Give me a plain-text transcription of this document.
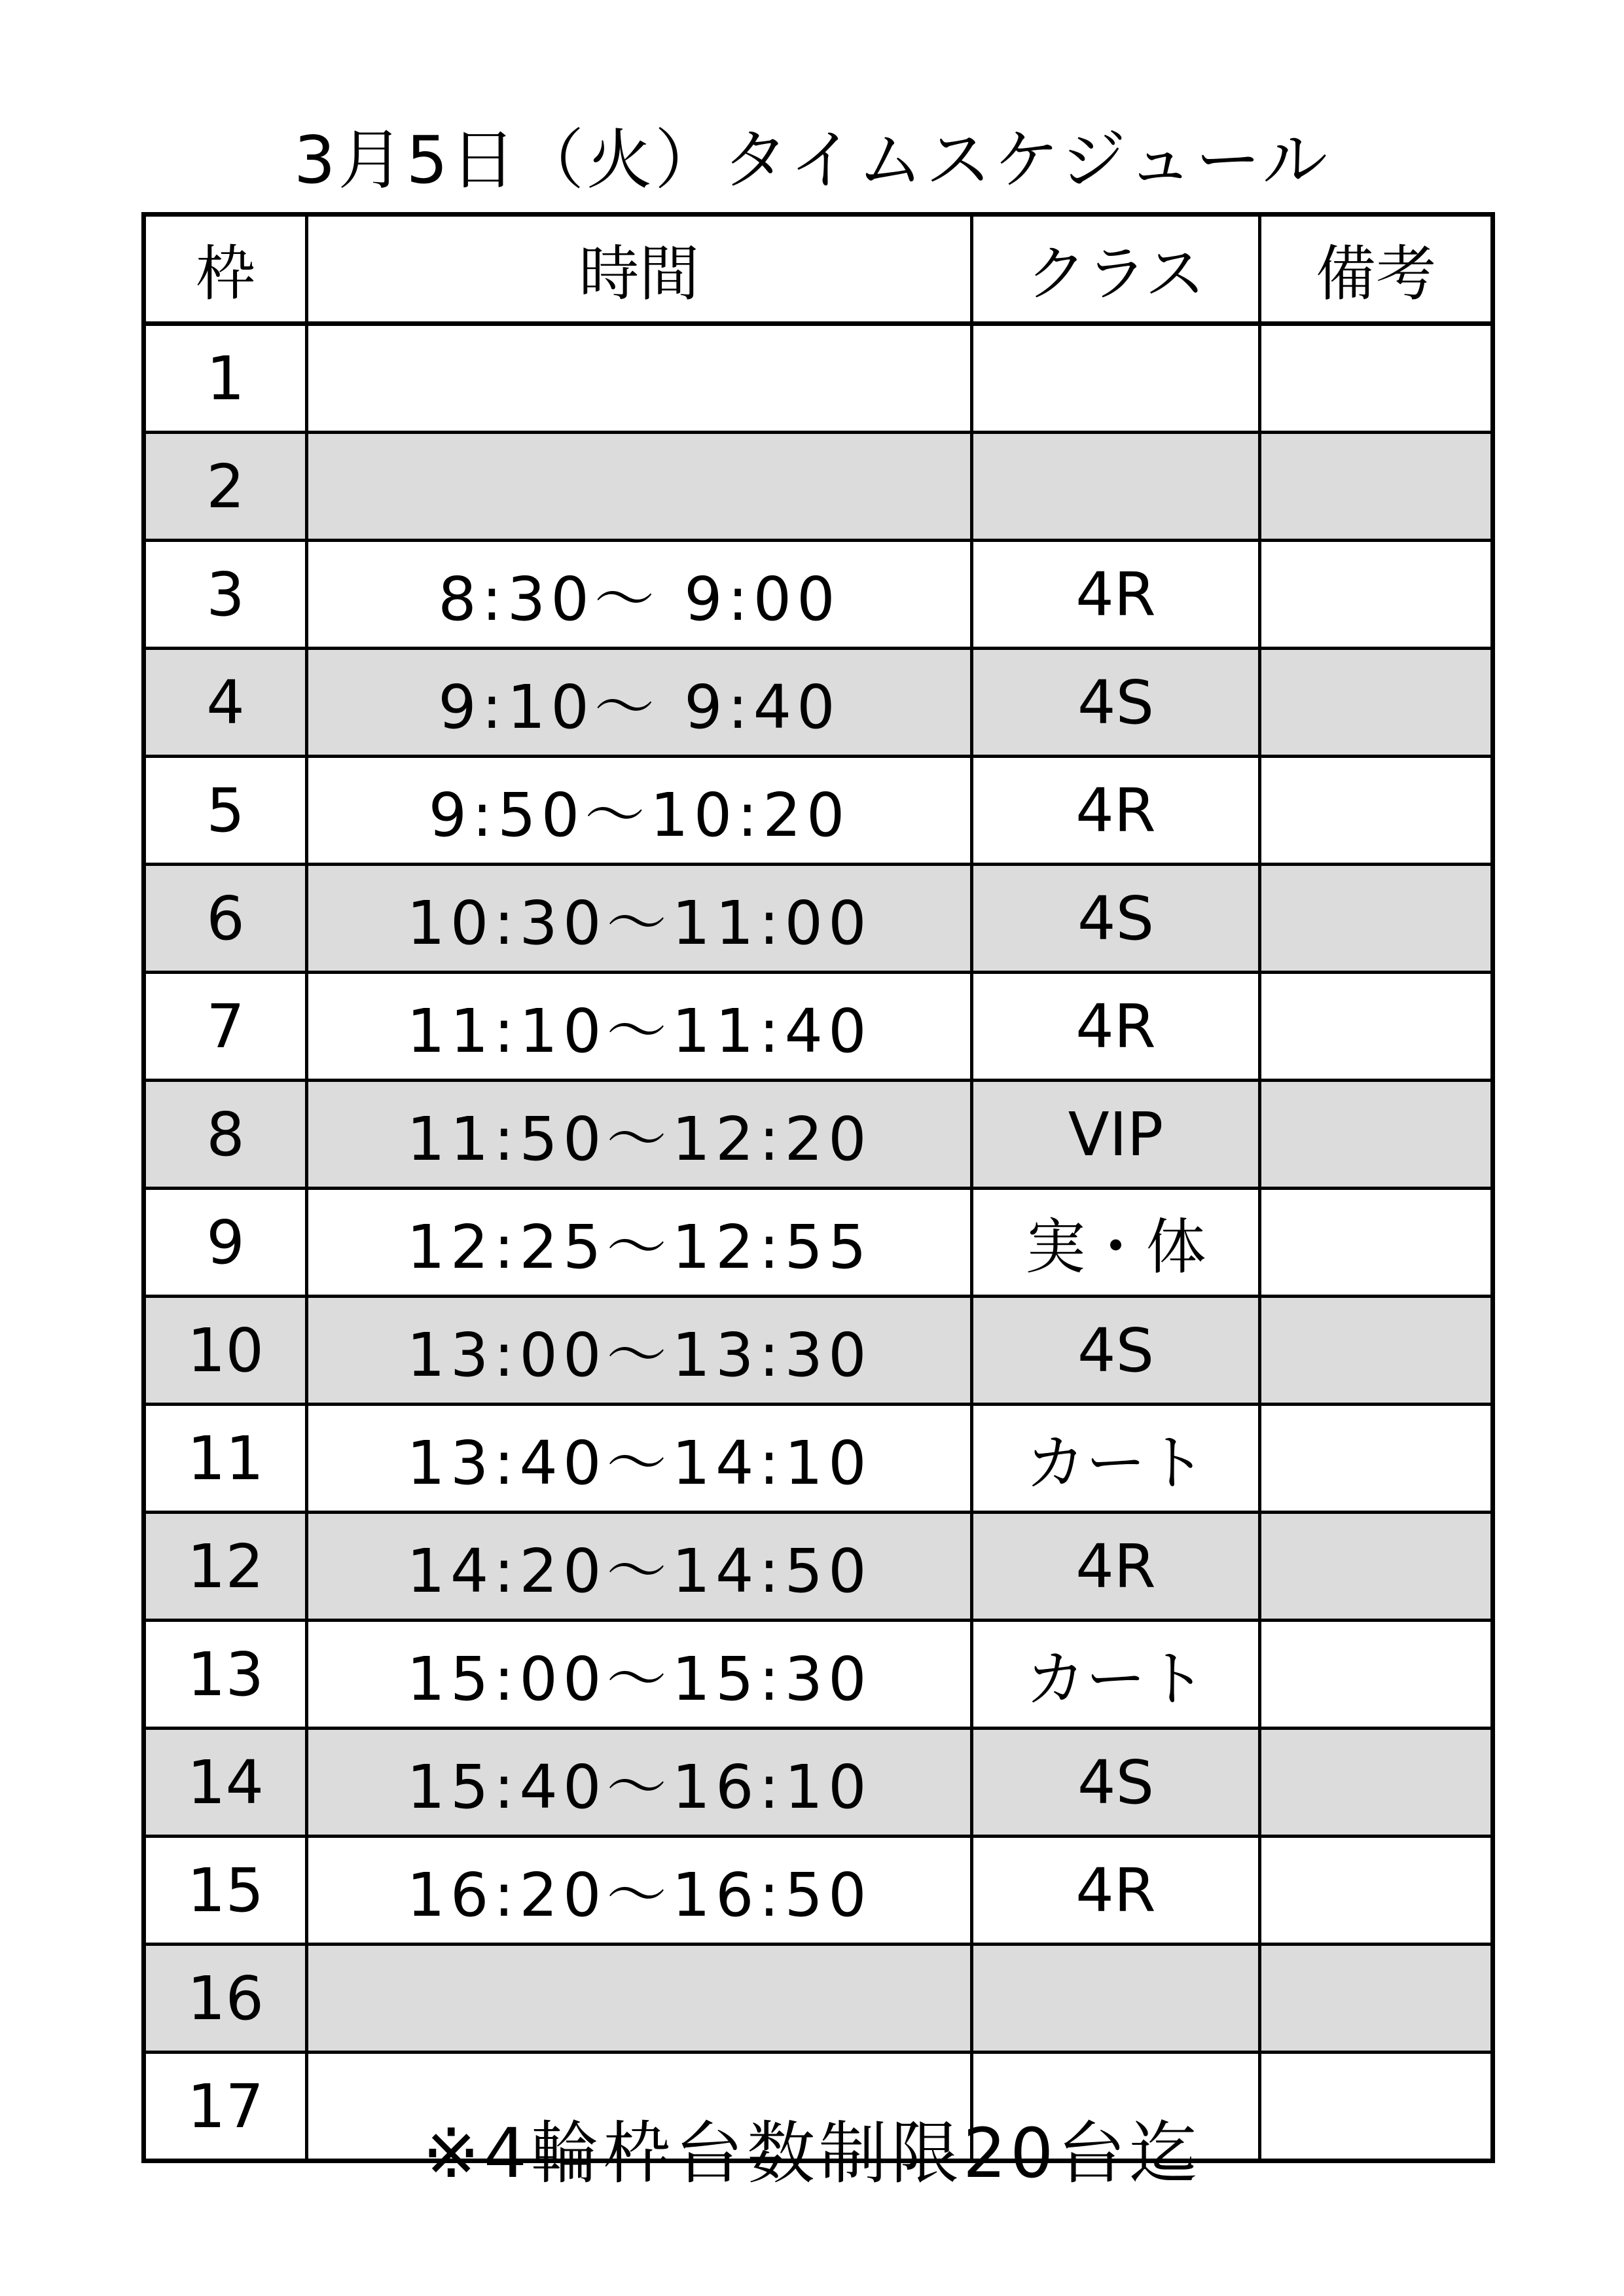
3月5日（火）タイムスケジュール
枠	時間	クラス	備考
1			
2			
3	8:30〜 9:00	4R	
4	9:10〜 9:40	4S	
5	9:50〜10:20	4R	
6	10:30〜11:00	4S	
7	11:10〜11:40	4R	
8	11:50〜12:20	VIP	
9	12:25〜12:55	実・体	
10	13:00〜13:30	4S	
11	13:40〜14:10	カート	
12	14:20〜14:50	4R	
13	15:00〜15:30	カート	
14	15:40〜16:10	4S	
15	16:20〜16:50	4R	
16			
17			
※4輪枠台数制限20台迄
